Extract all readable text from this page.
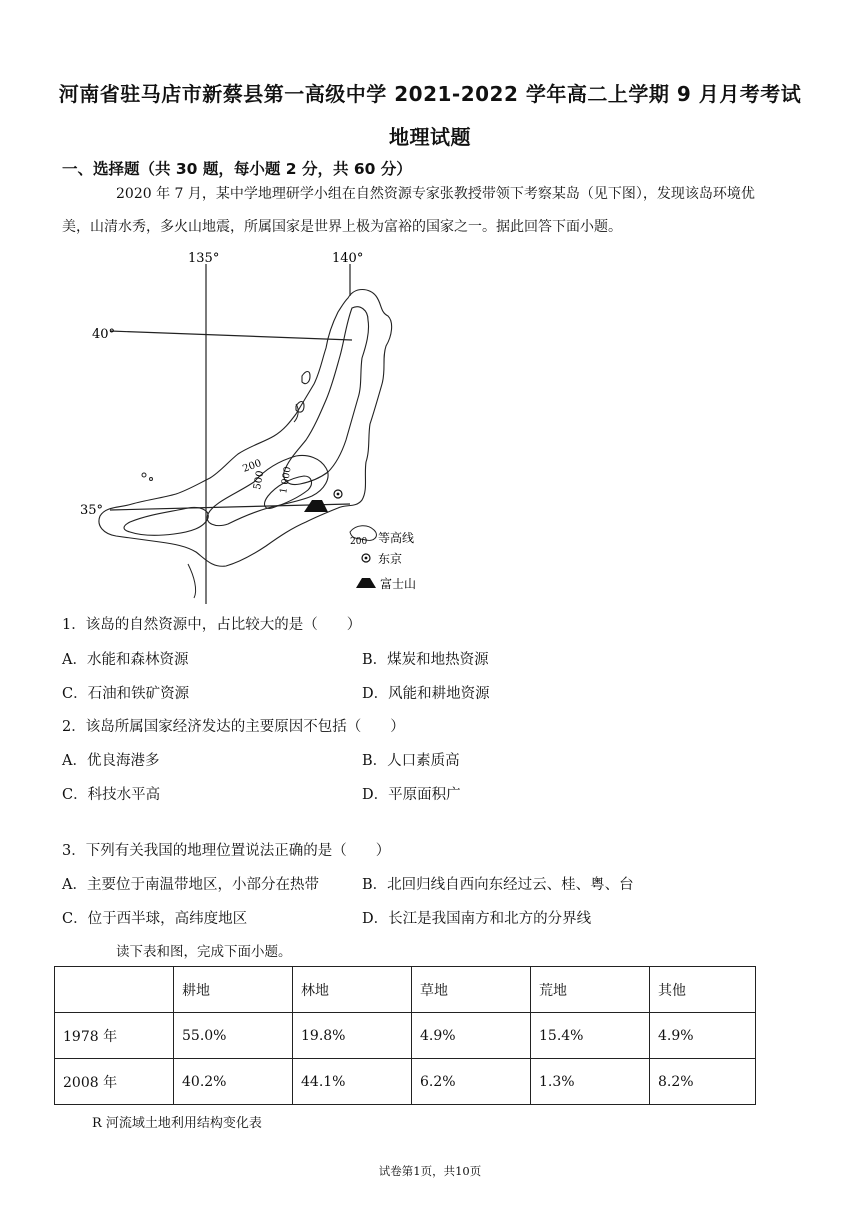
河南省驻马店市新蔡县第一高级中学 2021-2022 学年高二上学期 9 月月考考试
地理试题
一、选择题（共 30 题，每小题 2 分，共 60 分）
2020 年 7 月，某中学地理研学小组在自然资源专家张教授带领下考察某岛（见下图），发现该岛环境优
美，山清水秀，多火山地震，所属国家是世界上极为富裕的国家之一。据此回答下面小题。
135°	140°
40°
35°
200
500 1 000
200 等高线
东京
富士山
1．该岛的自然资源中，占比较大的是（　　）
A．水能和森林资源	B．煤炭和地热资源
C．石油和铁矿资源	D．风能和耕地资源
2．该岛所属国家经济发达的主要原因不包括（　　）
A．优良海港多	B．人口素质高
C．科技水平高	D．平原面积广
3．下列有关我国的地理位置说法正确的是（　　）
A．主要位于南温带地区，小部分在热带	B．北回归线自西向东经过云、桂、粤、台
C．位于西半球，高纬度地区	D．长江是我国南方和北方的分界线
读下表和图，完成下面小题。
	耕地	林地	草地	荒地	其他
1978 年	55.0%	19.8%	4.9%	15.4%	4.9%
2008 年	40.2%	44.1%	6.2%	1.3%	8.2%
R 河流域土地利用结构变化表
试卷第1页，共10页
